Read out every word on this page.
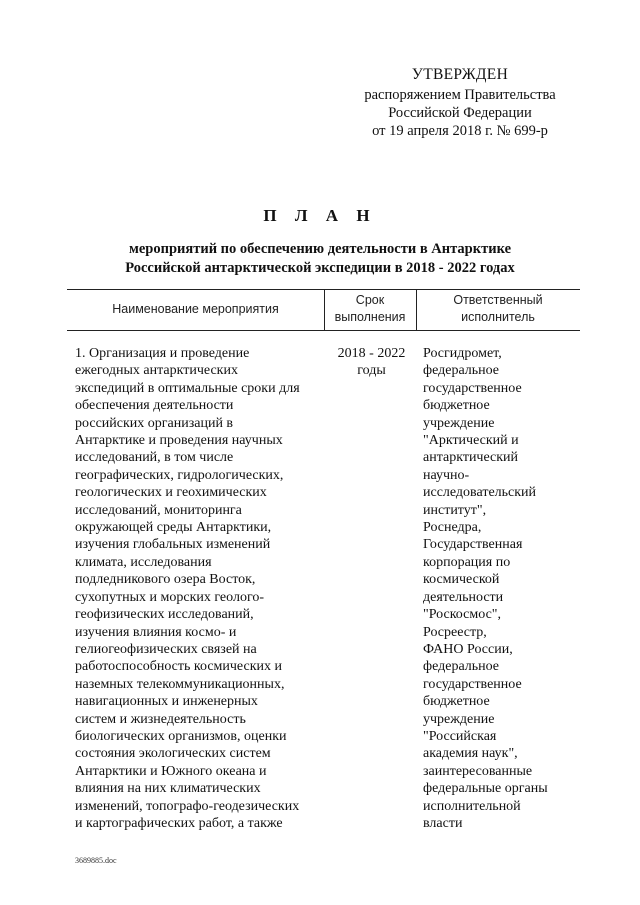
УТВЕРЖДЕН
распоряжением Правительства
Российской Федерации
от 19 апреля 2018 г. № 699-р
П Л А Н
мероприятий по обеспечению деятельности в Антарктике
Российской антарктической экспедиции в 2018 - 2022 годах
Наименование мероприятия
Срок
выполнения
Ответственный
исполнитель
1. Организация и проведение
ежегодных антарктических
экспедиций в оптимальные сроки для
обеспечения деятельности
российских организаций в
Антарктике и проведения научных
исследований, в том числе
географических, гидрологических,
геологических и геохимических
исследований, мониторинга
окружающей среды Антарктики,
изучения глобальных изменений
климата, исследования
подледникового озера Восток,
сухопутных и морских геолого-
геофизических исследований,
изучения влияния космо- и
гелиогеофизических связей на
работоспособность космических и
наземных телекоммуникационных,
навигационных и инженерных
систем и жизнедеятельность
биологических организмов, оценки
состояния экологических систем
Антарктики и Южного океана и
влияния на них климатических
изменений, топографо-геодезических
и картографических работ, а также
2018 - 2022
годы
Росгидромет,
федеральное
государственное
бюджетное
учреждение
"Арктический и
антарктический
научно-
исследовательский
институт",
Роснедра,
Государственная
корпорация по
космической
деятельности
"Роскосмос",
Росреестр,
ФАНО России,
федеральное
государственное
бюджетное
учреждение
"Российская
академия наук",
заинтересованные
федеральные органы
исполнительной
власти
3689885.doc
